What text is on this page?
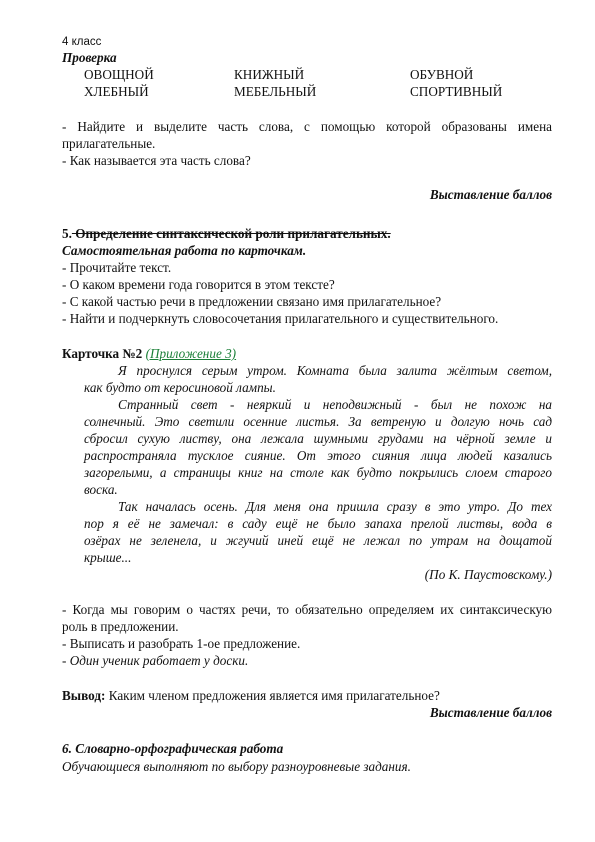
4 класс
Проверка
ОВОЩНОЙ	КНИЖНЫЙ	ОБУВНОЙ
ХЛЕБНЫЙ	МЕБЕЛЬНЫЙ	СПОРТИВНЫЙ
- Найдите и выделите часть слова, с помощью которой образованы имена
прилагательные.
- Как называется эта часть слова?
Выставление баллов
5. Определение синтаксической роли прилагательных.
Самостоятельная работа по карточкам.
- Прочитайте текст.
- О каком времени года говорится в этом тексте?
- С какой частью речи в предложении связано имя прилагательное?
- Найти и подчеркнуть словосочетания прилагательного и существительного.
Карточка №2 (Приложение 3)
Я проснулся серым утром. Комната была залита жёлтым светом,
как будто от керосиновой лампы.
Странный свет - неяркий и неподвижный - был не похож на
солнечный. Это светили осенние листья. За ветреную и долгую ночь сад
сбросил сухую листву, она лежала шумными грудами на чёрной земле и
распространяла тусклое сияние. От этого сияния лица людей казались
загорелыми, а страницы книг на столе как будто покрылись слоем старого
воска.
Так началась осень. Для меня она пришла сразу в это утро. До тех
пор я её не замечал: в саду ещё не было запаха прелой листвы, вода в
озёрах не зеленела, и жгучий иней ещё не лежал по утрам на дощатой
крыше...
(По К. Паустовскому.)
- Когда мы говорим о частях речи, то обязательно определяем их синтаксическую
роль в предложении.
- Выписать и разобрать 1-ое предложение.
- Один ученик работает у доски.
Вывод: Каким членом предложения является имя прилагательное?
Выставление баллов
6. Словарно-орфографическая работа
Обучающиеся выполняют по выбору разноуровневые задания.
